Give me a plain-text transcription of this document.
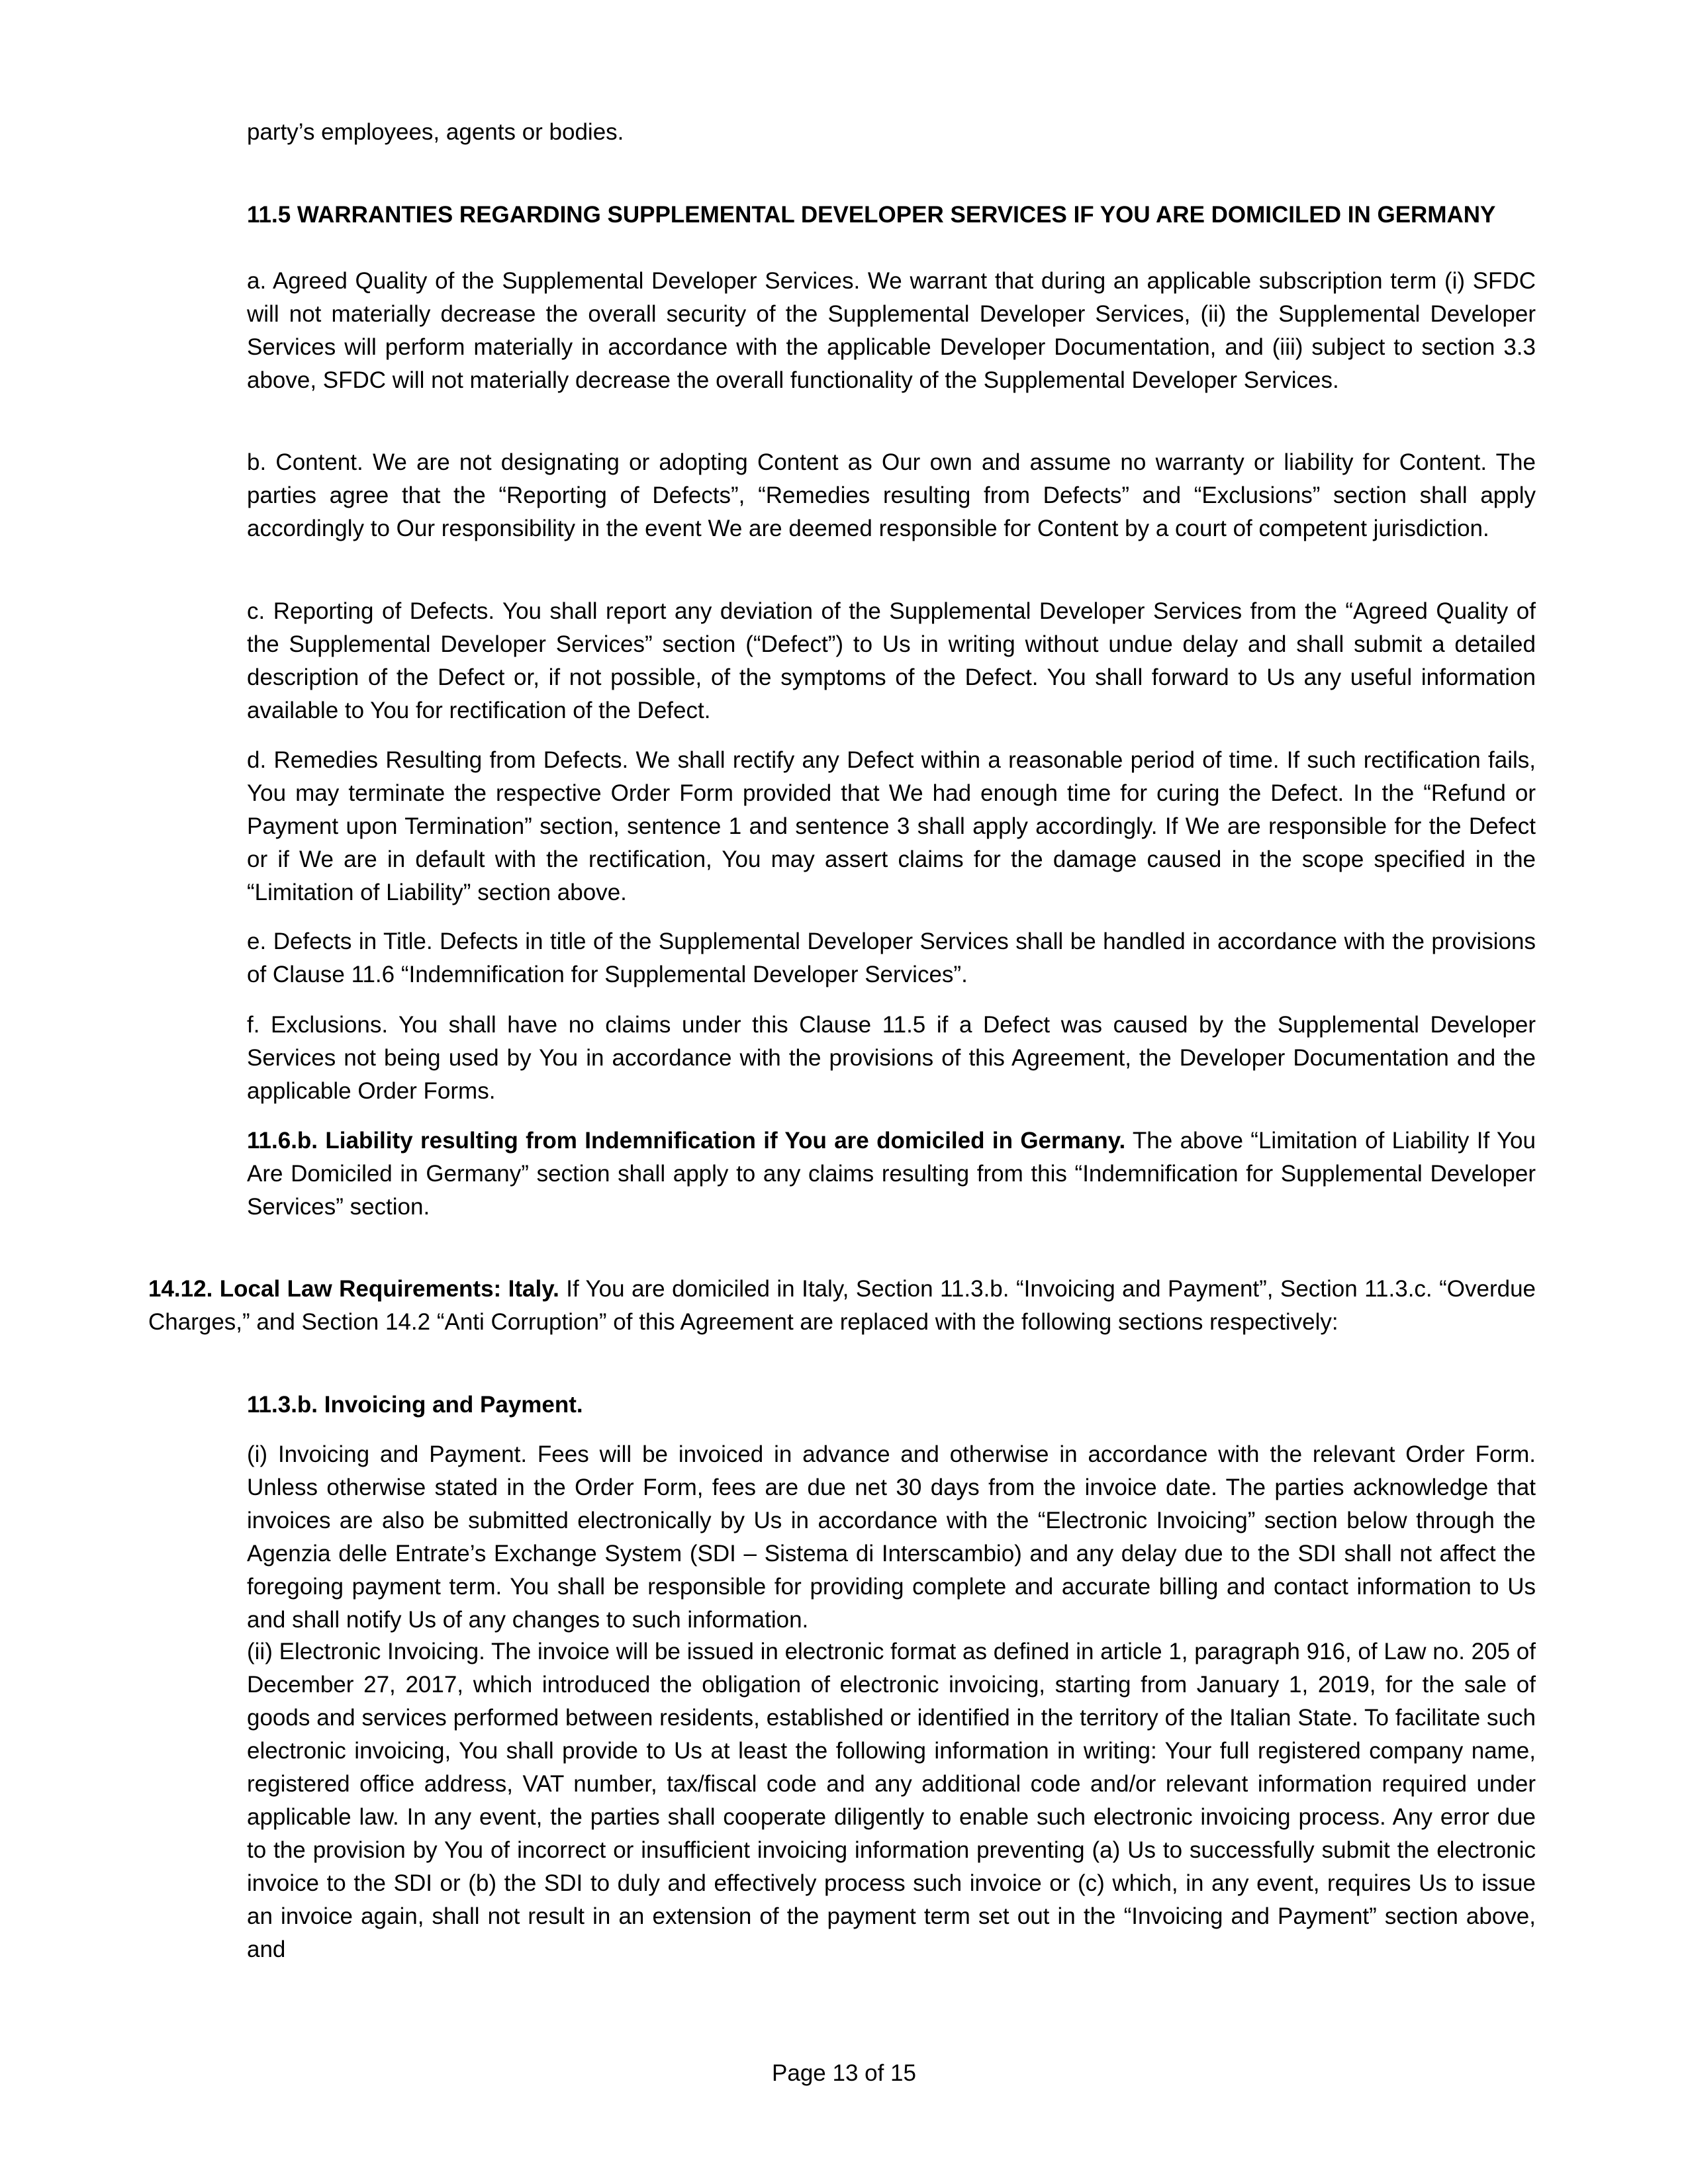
party’s employees, agents or bodies.

11.5 WARRANTIES REGARDING SUPPLEMENTAL DEVELOPER SERVICES IF YOU ARE DOMICILED IN GERMANY

a. Agreed Quality of the Supplemental Developer Services. We warrant that during an applicable subscription term (i) SFDC will not materially decrease the overall security of the Supplemental Developer Services, (ii) the Supplemental Developer Services will perform materially in accordance with the applicable Developer Documentation, and (iii) subject to section 3.3 above, SFDC will not materially decrease the overall functionality of the Supplemental Developer Services.

b. Content. We are not designating or adopting Content as Our own and assume no warranty or liability for Content. The parties agree that the “Reporting of Defects”, “Remedies resulting from Defects” and “Exclusions” section shall apply accordingly to Our responsibility in the event We are deemed responsible for Content by a court of competent jurisdiction.

c. Reporting of Defects. You shall report any deviation of the Supplemental Developer Services from the “Agreed Quality of the Supplemental Developer Services” section (“Defect”) to Us in writing without undue delay and shall submit a detailed description of the Defect or, if not possible, of the symptoms of the Defect. You shall forward to Us any useful information available to You for rectification of the Defect.

d. Remedies Resulting from Defects. We shall rectify any Defect within a reasonable period of time. If such rectification fails, You may terminate the respective Order Form provided that We had enough time for curing the Defect. In the “Refund or Payment upon Termination” section, sentence 1 and sentence 3 shall apply accordingly. If We are responsible for the Defect or if We are in default with the rectification, You may assert claims for the damage caused in the scope specified in the “Limitation of Liability” section above.

e. Defects in Title. Defects in title of the Supplemental Developer Services shall be handled in accordance with the provisions of Clause 11.6 “Indemnification for Supplemental Developer Services”.

f. Exclusions. You shall have no claims under this Clause 11.5 if a Defect was caused by the Supplemental Developer Services not being used by You in accordance with the provisions of this Agreement, the Developer Documentation and the applicable Order Forms.

11.6.b. Liability resulting from Indemnification if You are domiciled in Germany. The above “Limitation of Liability If You Are Domiciled in Germany” section shall apply to any claims resulting from this “Indemnification for Supplemental Developer Services” section.

14.12. Local Law Requirements: Italy. If You are domiciled in Italy, Section 11.3.b. “Invoicing and Payment”, Section 11.3.c. “Overdue Charges,” and Section 14.2 “Anti Corruption” of this Agreement are replaced with the following sections respectively:

11.3.b. Invoicing and Payment.

(i) Invoicing and Payment. Fees will be invoiced in advance and otherwise in accordance with the relevant Order Form. Unless otherwise stated in the Order Form, fees are due net 30 days from the invoice date. The parties acknowledge that invoices are also be submitted electronically by Us in accordance with the “Electronic Invoicing” section below through the Agenzia delle Entrate’s Exchange System (SDI – Sistema di Interscambio) and any delay due to the SDI shall not affect the foregoing payment term. You shall be responsible for providing complete and accurate billing and contact information to Us and shall notify Us of any changes to such information.

(ii) Electronic Invoicing. The invoice will be issued in electronic format as defined in article 1, paragraph 916, of Law no. 205 of December 27, 2017, which introduced the obligation of electronic invoicing, starting from January 1, 2019, for the sale of goods and services performed between residents, established or identified in the territory of the Italian State. To facilitate such electronic invoicing, You shall provide to Us at least the following information in writing: Your full registered company name, registered office address, VAT number, tax/fiscal code and any additional code and/or relevant information required under applicable law. In any event, the parties shall cooperate diligently to enable such electronic invoicing process. Any error due to the provision by You of incorrect or insufficient invoicing information preventing (a) Us to successfully submit the electronic invoice to the SDI or (b) the SDI to duly and effectively process such invoice or (c) which, in any event, requires Us to issue an invoice again, shall not result in an extension of the payment term set out in the “Invoicing and Payment” section above, and

Page 13 of 15
